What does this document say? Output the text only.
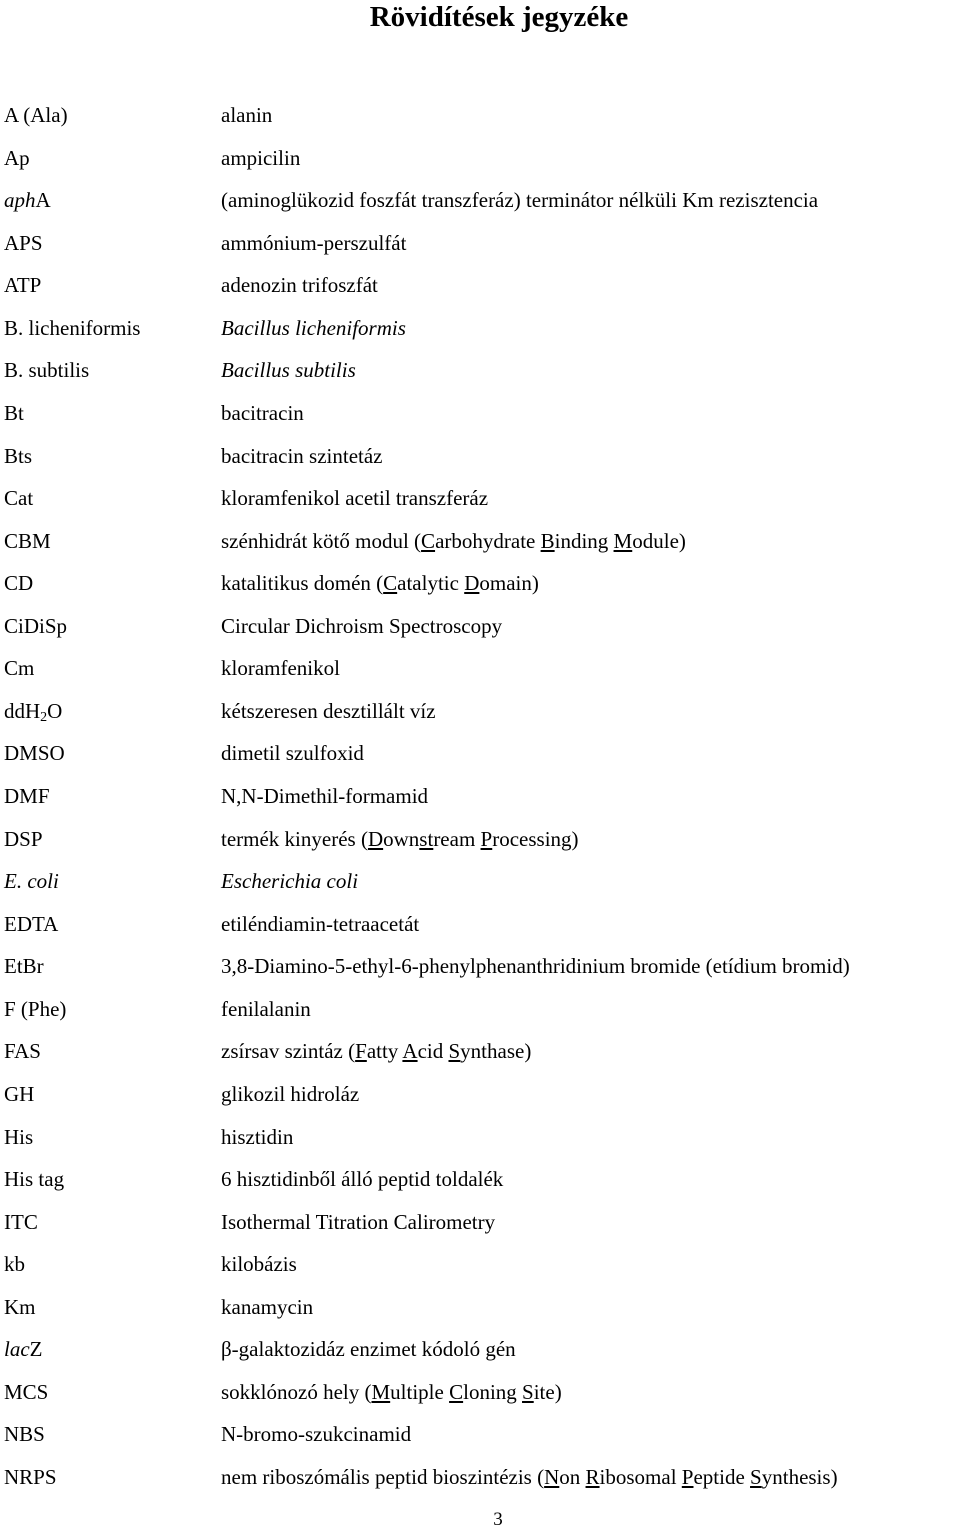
Rövidítések jegyzéke
A (Ala)	alanin
Ap	ampicilin
aphA	(aminoglükozid foszfát transzferáz) terminátor nélküli Km rezisztencia
APS	ammónium-perszulfát
ATP	adenozin trifoszfát
B. licheniformis	Bacillus licheniformis
B. subtilis	Bacillus subtilis
Bt	bacitracin
Bts	bacitracin szintetáz
Cat	kloramfenikol acetil transzferáz
CBM	szénhidrát kötő modul (Carbohydrate Binding Module)
CD	katalitikus domén (Catalytic Domain)
CiDiSp	Circular Dichroism Spectroscopy
Cm	kloramfenikol
ddH$_2$O	kétszeresen desztillált víz
DMSO	dimetil szulfoxid
DMF	N,N-Dimethil-formamid
DSP	termék kinyerés (Downstream Processing)
E. coli	Escherichia coli
EDTA	etiléndiamin-tetraacetát
EtBr	3,8-Diamino-5-ethyl-6-phenylphenanthridinium bromide (etídium bromid)
F (Phe)	fenilalanin
FAS	zsírsav szintáz (Fatty Acid Synthase)
GH	glikozil hidroláz
His	hisztidin
His tag	6 hisztidinből álló peptid toldalék
ITC	Isothermal Titration Calirometry
kb	kilobázis
Km	kanamycin
lacZ	β-galaktozidáz enzimet kódoló gén
MCS	sokklónozó hely (Multiple Cloning Site)
NBS	N-bromo-szukcinamid
NRPS	nem riboszómális peptid bioszintézis (Non Ribosomal Peptide Synthesis)
3
